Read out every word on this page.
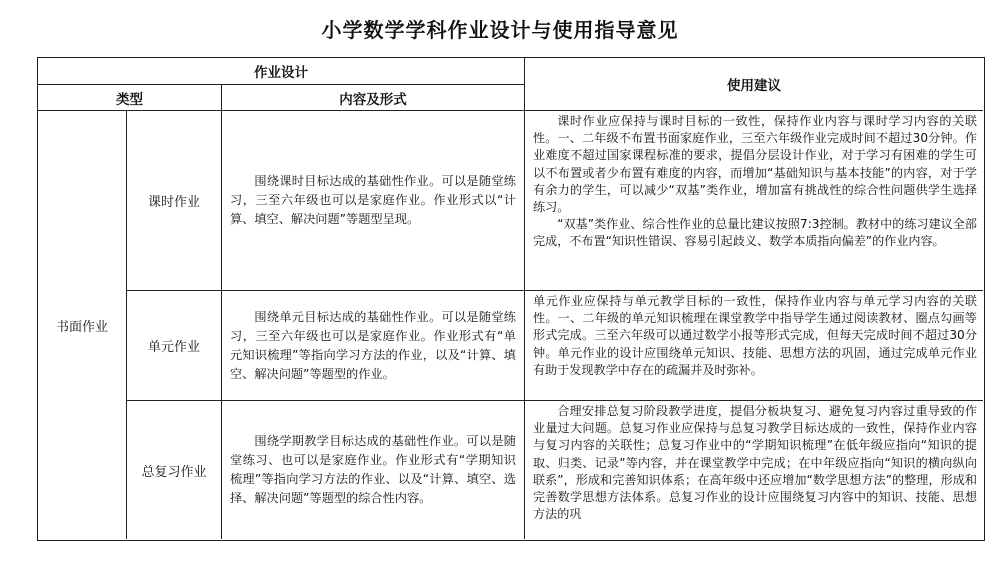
小学数学学科作业设计与使用指导意见
作业设计
类型	内容及形式
使用建议
书面作业
课时作业

围绕课时目标达成的基础性作业。可以是随堂练习，三至六年级也可以是家庭作业。作业形式以“计算、填空、解决问题”等题型呈现。

课时作业应保持与课时目标的一致性，保持作业内容与课时学习内容的关联性。一、二年级不布置书面家庭作业，三至六年级作业完成时间不超过30分钟。作业难度不超过国家课程标准的要求，提倡分层设计作业，对于学习有困难的学生可以不布置或者少布置有难度的内容，而增加“基础知识与基本技能”的内容，对于学有余力的学生，可以减少“双基”类作业，增加富有挑战性的综合性问题供学生选择练习。

“双基”类作业、综合性作业的总量比建议按照7:3控制。教材中的练习建议全部完成，不布置“知识性错误、容易引起歧义、数学本质指向偏差”的作业内容。

单元作业

围绕单元目标达成的基础性作业。可以是随堂练习，三至六年级也可以是家庭作业。作业形式有“单元知识梳理”等指向学习方法的作业，以及“计算、填空、解决问题”等题型的作业。

单元作业应保持与单元教学目标的一致性，保持作业内容与单元学习内容的关联性。一、二年级的单元知识梳理在课堂教学中指导学生通过阅读教材、圈点勾画等形式完成。三至六年级可以通过数学小报等形式完成，但每天完成时间不超过30分钟。单元作业的设计应围绕单元知识、技能、思想方法的巩固，通过完成单元作业有助于发现教学中存在的疏漏并及时弥补。

总复习作业

围绕学期教学目标达成的基础性作业。可以是随堂练习、也可以是家庭作业。作业形式有“学期知识梳理”等指向学习方法的作业、以及“计算、填空、选择、解决问题”等题型的综合性内容。

合理安排总复习阶段教学进度，提倡分板块复习、避免复习内容过重导致的作业量过大问题。总复习作业应保持与总复习教学目标达成的一致性，保持作业内容与复习内容的关联性；总复习作业中的“学期知识梳理”在低年级应指向“知识的提取、归类、记录”等内容，并在课堂教学中完成；在中年级应指向“知识的横向纵向联系”，形成和完善知识体系；在高年级中还应增加“数学思想方法”的整理，形成和完善数学思想方法体系。总复习作业的设计应围绕复习内容中的知识、技能、思想方法的巩
